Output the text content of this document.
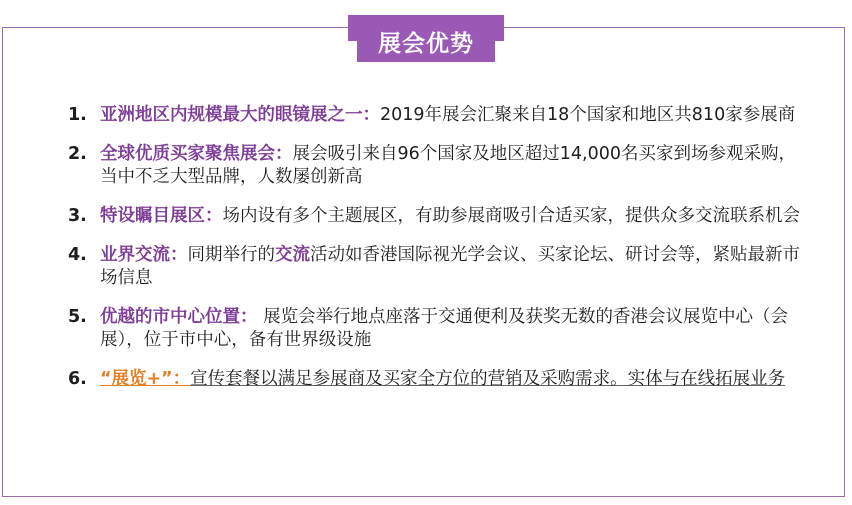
展会优势
1. 亚洲地区内规模最大的眼镜展之一：2019年展会汇聚来自18个国家和地区共810家参展商
2. 全球优质买家聚焦展会：展会吸引来自96个国家及地区超过14,000名买家到场参观采购，当中不乏大型品牌，人数屡创新高
3. 特设瞩目展区：场内设有多个主题展区，有助参展商吸引合适买家，提供众多交流联系机会
4. 业界交流：同期举行的交流活动如香港国际视光学会议、买家论坛、研讨会等，紧贴最新市场信息
5. 优越的市中心位置： 展览会举行地点座落于交通便利及获奖无数的香港会议展览中心（会展），位于市中心，备有世界级设施
6. “展览+”：宣传套餐以满足参展商及买家全方位的营销及采购需求。实体与在线拓展业务
